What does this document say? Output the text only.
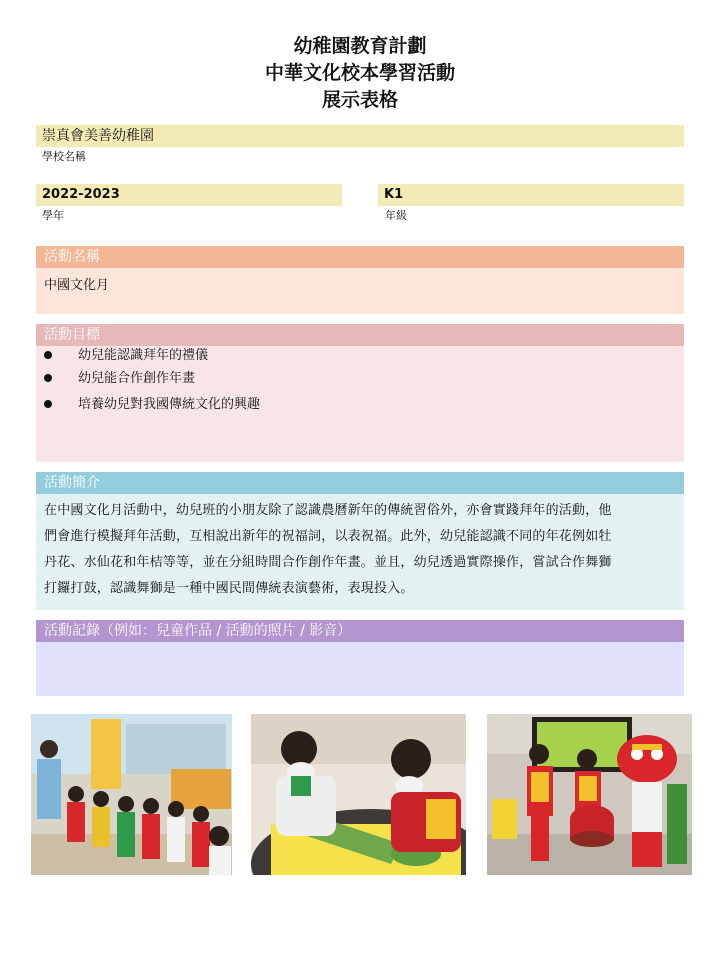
幼稚園教育計劃
中華文化校本學習活動
展示表格
崇真會美善幼稚園
學校名稱
2022-2023
學年
K1
年級
活動名稱
中國文化月
活動目標
幼兒能認識拜年的禮儀
幼兒能合作創作年畫
培養幼兒對我國傳統文化的興趣
活動簡介
在中國文化月活動中，幼兒班的小朋友除了認識農曆新年的傳統習俗外，亦會實踐拜年的活動，他
們會進行模擬拜年活動，互相說出新年的祝福詞，以表祝福。此外，幼兒能認識不同的年花例如牡
丹花、水仙花和年桔等等，並在分組時間合作創作年畫。並且，幼兒透過實際操作，嘗試合作舞獅
打鑼打鼓，認識舞獅是一種中國民間傳統表演藝術，表現投入。
活動記錄（例如：兒童作品 / 活動的照片 / 影音）
